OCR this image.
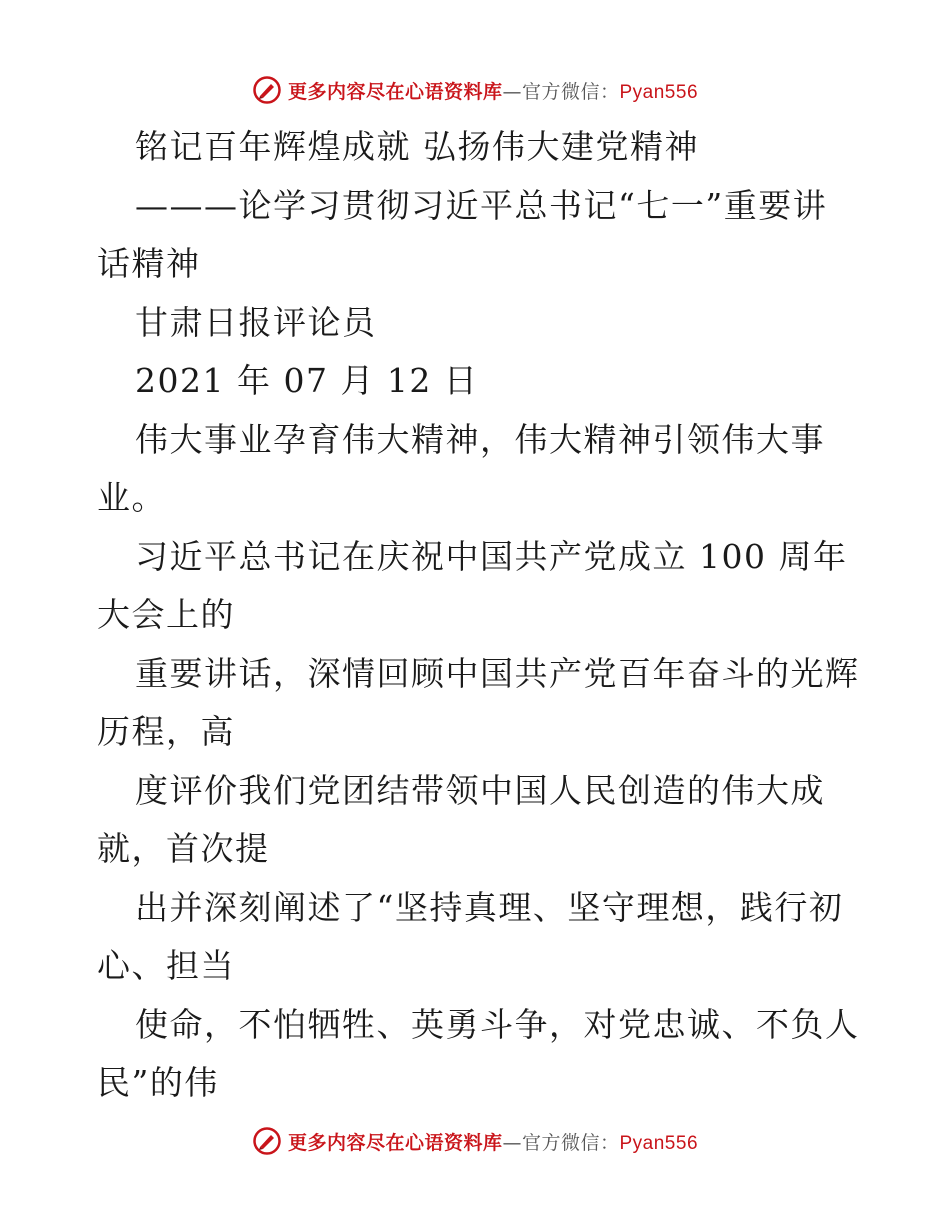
更多内容尽在心语资料库—官方微信：Pyan556
铭记百年辉煌成就 弘扬伟大建党精神
———论学习贯彻习近平总书记“七一”重要讲
话精神
甘肃日报评论员
2021 年 07 月 12 日
伟大事业孕育伟大精神，伟大精神引领伟大事
业。
习近平总书记在庆祝中国共产党成立 100 周年
大会上的
重要讲话，深情回顾中国共产党百年奋斗的光辉
历程，高
度评价我们党团结带领中国人民创造的伟大成
就，首次提
出并深刻阐述了“坚持真理、坚守理想，践行初
心、担当
使命，不怕牺牲、英勇斗争，对党忠诚、不负人
民”的伟
更多内容尽在心语资料库—官方微信：Pyan556
